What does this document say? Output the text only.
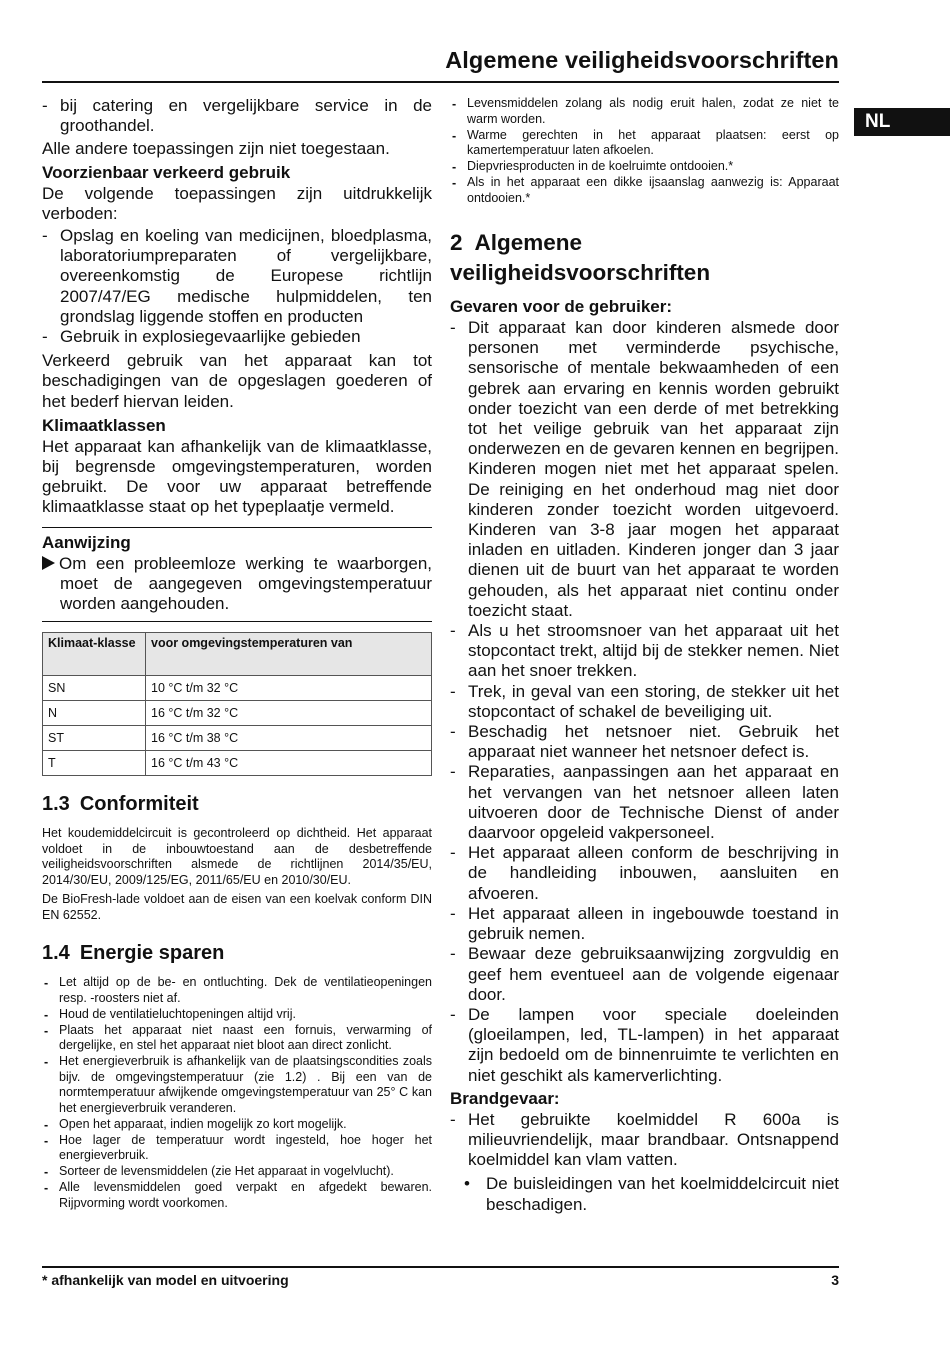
Algemene veiligheidsvoorschriften
NL
- bij catering en vergelijkbare service in de groothandel.
Alle andere toepassingen zijn niet toegestaan.
Voorzienbaar verkeerd gebruik
De volgende toepassingen zijn uitdrukkelijk verboden:
- Opslag en koeling van medicijnen, bloedplasma, laboratoriumpreparaten of vergelijkbare, overeenkomstig de Europese richtlijn 2007/47/EG medische hulpmiddelen, ten grondslag liggende stoffen en producten
- Gebruik in explosiegevaarlijke gebieden
Verkeerd gebruik van het apparaat kan tot beschadigingen van de opgeslagen goederen of het bederf hiervan leiden.
Klimaatklassen
Het apparaat kan afhankelijk van de klimaatklasse, bij begrensde omgevingstemperaturen, worden gebruikt. De voor uw apparaat betreffende klimaatklasse staat op het typeplaatje vermeld.
Aanwijzing
Om een probleemloze werking te waarborgen, moet de aangegeven omgevingstemperatuur worden aangehouden.
Klimaat-klasse	voor omgevingstemperaturen van
SN	10 °C t/m 32 °C
N	16 °C t/m 32 °C
ST	16 °C t/m 38 °C
T	16 °C t/m 43 °C
1.3 Conformiteit
Het koudemiddelcircuit is gecontroleerd op dichtheid. Het apparaat voldoet in de inbouwtoestand aan de desbetreffende veiligheidsvoorschriften alsmede de richtlijnen 2014/35/EU, 2014/30/EU, 2009/125/EG, 2011/65/EU en 2010/30/EU.
De BioFresh-lade voldoet aan de eisen van een koelvak conform DIN EN 62552.
1.4 Energie sparen
- Let altijd op de be- en ontluchting. Dek de ventilatieopeningen resp. -roosters niet af.
- Houd de ventilatieluchtopeningen altijd vrij.
- Plaats het apparaat niet naast een fornuis, verwarming of dergelijke, en stel het apparaat niet bloot aan direct zonlicht.
- Het energieverbruik is afhankelijk van de plaatsingscondities zoals bijv. de omgevingstemperatuur (zie 1.2) . Bij een van de normtemperatuur afwijkende omgevingstemperatuur van 25° C kan het energieverbruik veranderen.
- Open het apparaat, indien mogelijk zo kort mogelijk.
- Hoe lager de temperatuur wordt ingesteld, hoe hoger het energieverbruik.
- Sorteer de levensmiddelen (zie Het apparaat in vogelvlucht).
- Alle levensmiddelen goed verpakt en afgedekt bewaren. Rijpvorming wordt voorkomen.
- Levensmiddelen zolang als nodig eruit halen, zodat ze niet te warm worden.
- Warme gerechten in het apparaat plaatsen: eerst op kamertemperatuur laten afkoelen.
- Diepvriesproducten in de koelruimte ontdooien.*
- Als in het apparaat een dikke ijsaanslag aanwezig is: Apparaat ontdooien.*
2 Algemene veiligheidsvoorschriften
Gevaren voor de gebruiker:
- Dit apparaat kan door kinderen alsmede door personen met verminderde psychische, sensorische of mentale bekwaamheden of een gebrek aan ervaring en kennis worden gebruikt onder toezicht van een derde of met betrekking tot het veilige gebruik van het apparaat zijn onderwezen en de gevaren kennen en begrijpen. Kinderen mogen niet met het apparaat spelen. De reiniging en het onderhoud mag niet door kinderen zonder toezicht worden uitgevoerd. Kinderen van 3-8 jaar mogen het apparaat inladen en uitladen. Kinderen jonger dan 3 jaar dienen uit de buurt van het apparaat te worden gehouden, als het apparaat niet continu onder toezicht staat.
- Als u het stroomsnoer van het apparaat uit het stopcontact trekt, altijd bij de stekker nemen. Niet aan het snoer trekken.
- Trek, in geval van een storing, de stekker uit het stopcontact of schakel de beveiliging uit.
- Beschadig het netsnoer niet. Gebruik het apparaat niet wanneer het netsnoer defect is.
- Reparaties, aanpassingen aan het apparaat en het vervangen van het netsnoer alleen laten uitvoeren door de Technische Dienst of ander daarvoor opgeleid vakpersoneel.
- Het apparaat alleen conform de beschrijving in de handleiding inbouwen, aansluiten en afvoeren.
- Het apparaat alleen in ingebouwde toestand in gebruik nemen.
- Bewaar deze gebruiksaanwijzing zorgvuldig en geef hem eventueel aan de volgende eigenaar door.
- De lampen voor speciale doeleinden (gloeilampen, led, TL-lampen) in het apparaat zijn bedoeld om de binnenruimte te verlichten en niet geschikt als kamerverlichting.
Brandgevaar:
- Het gebruikte koelmiddel R 600a is milieuvriendelijk, maar brandbaar. Ontsnappend koelmiddel kan vlam vatten.
• De buisleidingen van het koelmiddelcircuit niet beschadigen.
* afhankelijk van model en uitvoering	3
